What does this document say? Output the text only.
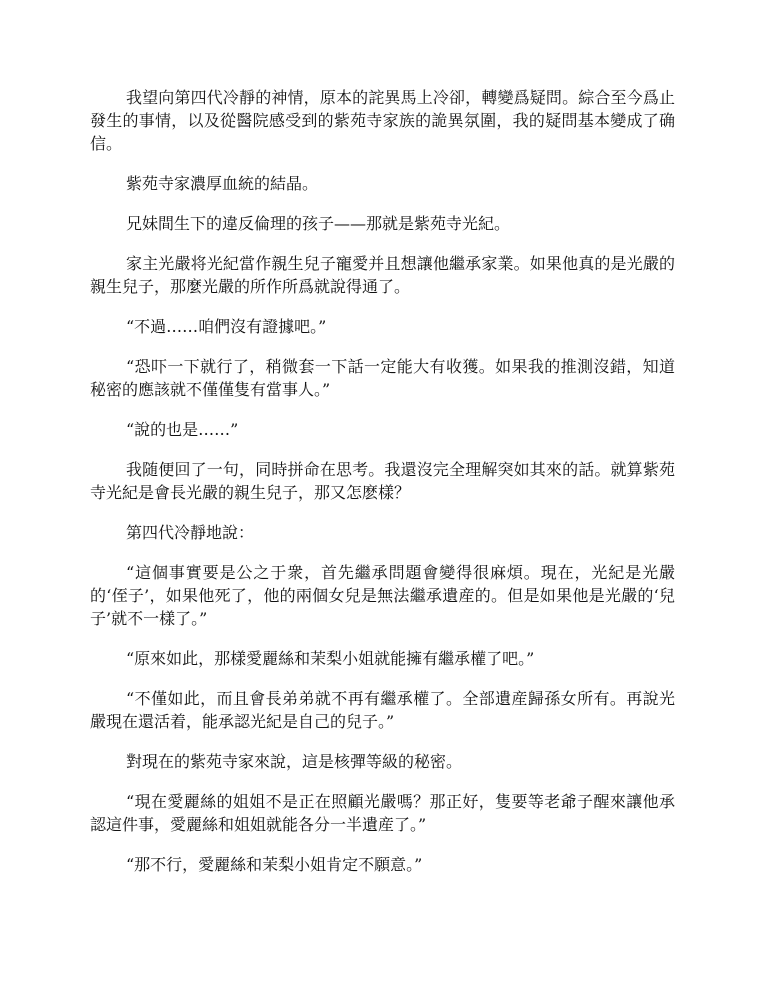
我望向第四代冷靜的神情，原本的詫異馬上冷卻，轉變爲疑問。綜合至今爲止發生的事情，以及從醫院感受到的紫苑寺家族的詭異氛圍，我的疑問基本變成了确信。

紫苑寺家濃厚血統的結晶。

兄妹間生下的違反倫理的孩子——那就是紫苑寺光紀。

家主光嚴将光紀當作親生兒子寵愛并且想讓他繼承家業。如果他真的是光嚴的親生兒子，那麼光嚴的所作所爲就說得通了。

“不過……咱們沒有證據吧。”

“恐吓一下就行了，稍微套一下話一定能大有收獲。如果我的推測沒錯，知道秘密的應該就不僅僅隻有當事人。”

“說的也是……”

我随便回了一句，同時拼命在思考。我還沒完全理解突如其來的話。就算紫苑寺光紀是會長光嚴的親生兒子，那又怎麽樣？

第四代冷靜地說：

“這個事實要是公之于衆，首先繼承問題會變得很麻煩。現在，光紀是光嚴的‘侄子’，如果他死了，他的兩個女兒是無法繼承遺産的。但是如果他是光嚴的‘兒子’就不一樣了。”

“原來如此，那樣愛麗絲和茉梨小姐就能擁有繼承權了吧。”

“不僅如此，而且會長弟弟就不再有繼承權了。全部遺産歸孫女所有。再說光嚴現在還活着，能承認光紀是自己的兒子。”

對現在的紫苑寺家來說，這是核彈等級的秘密。

“現在愛麗絲的姐姐不是正在照顧光嚴嗎？那正好，隻要等老爺子醒來讓他承認這件事，愛麗絲和姐姐就能各分一半遺産了。”

“那不行，愛麗絲和茉梨小姐肯定不願意。”
